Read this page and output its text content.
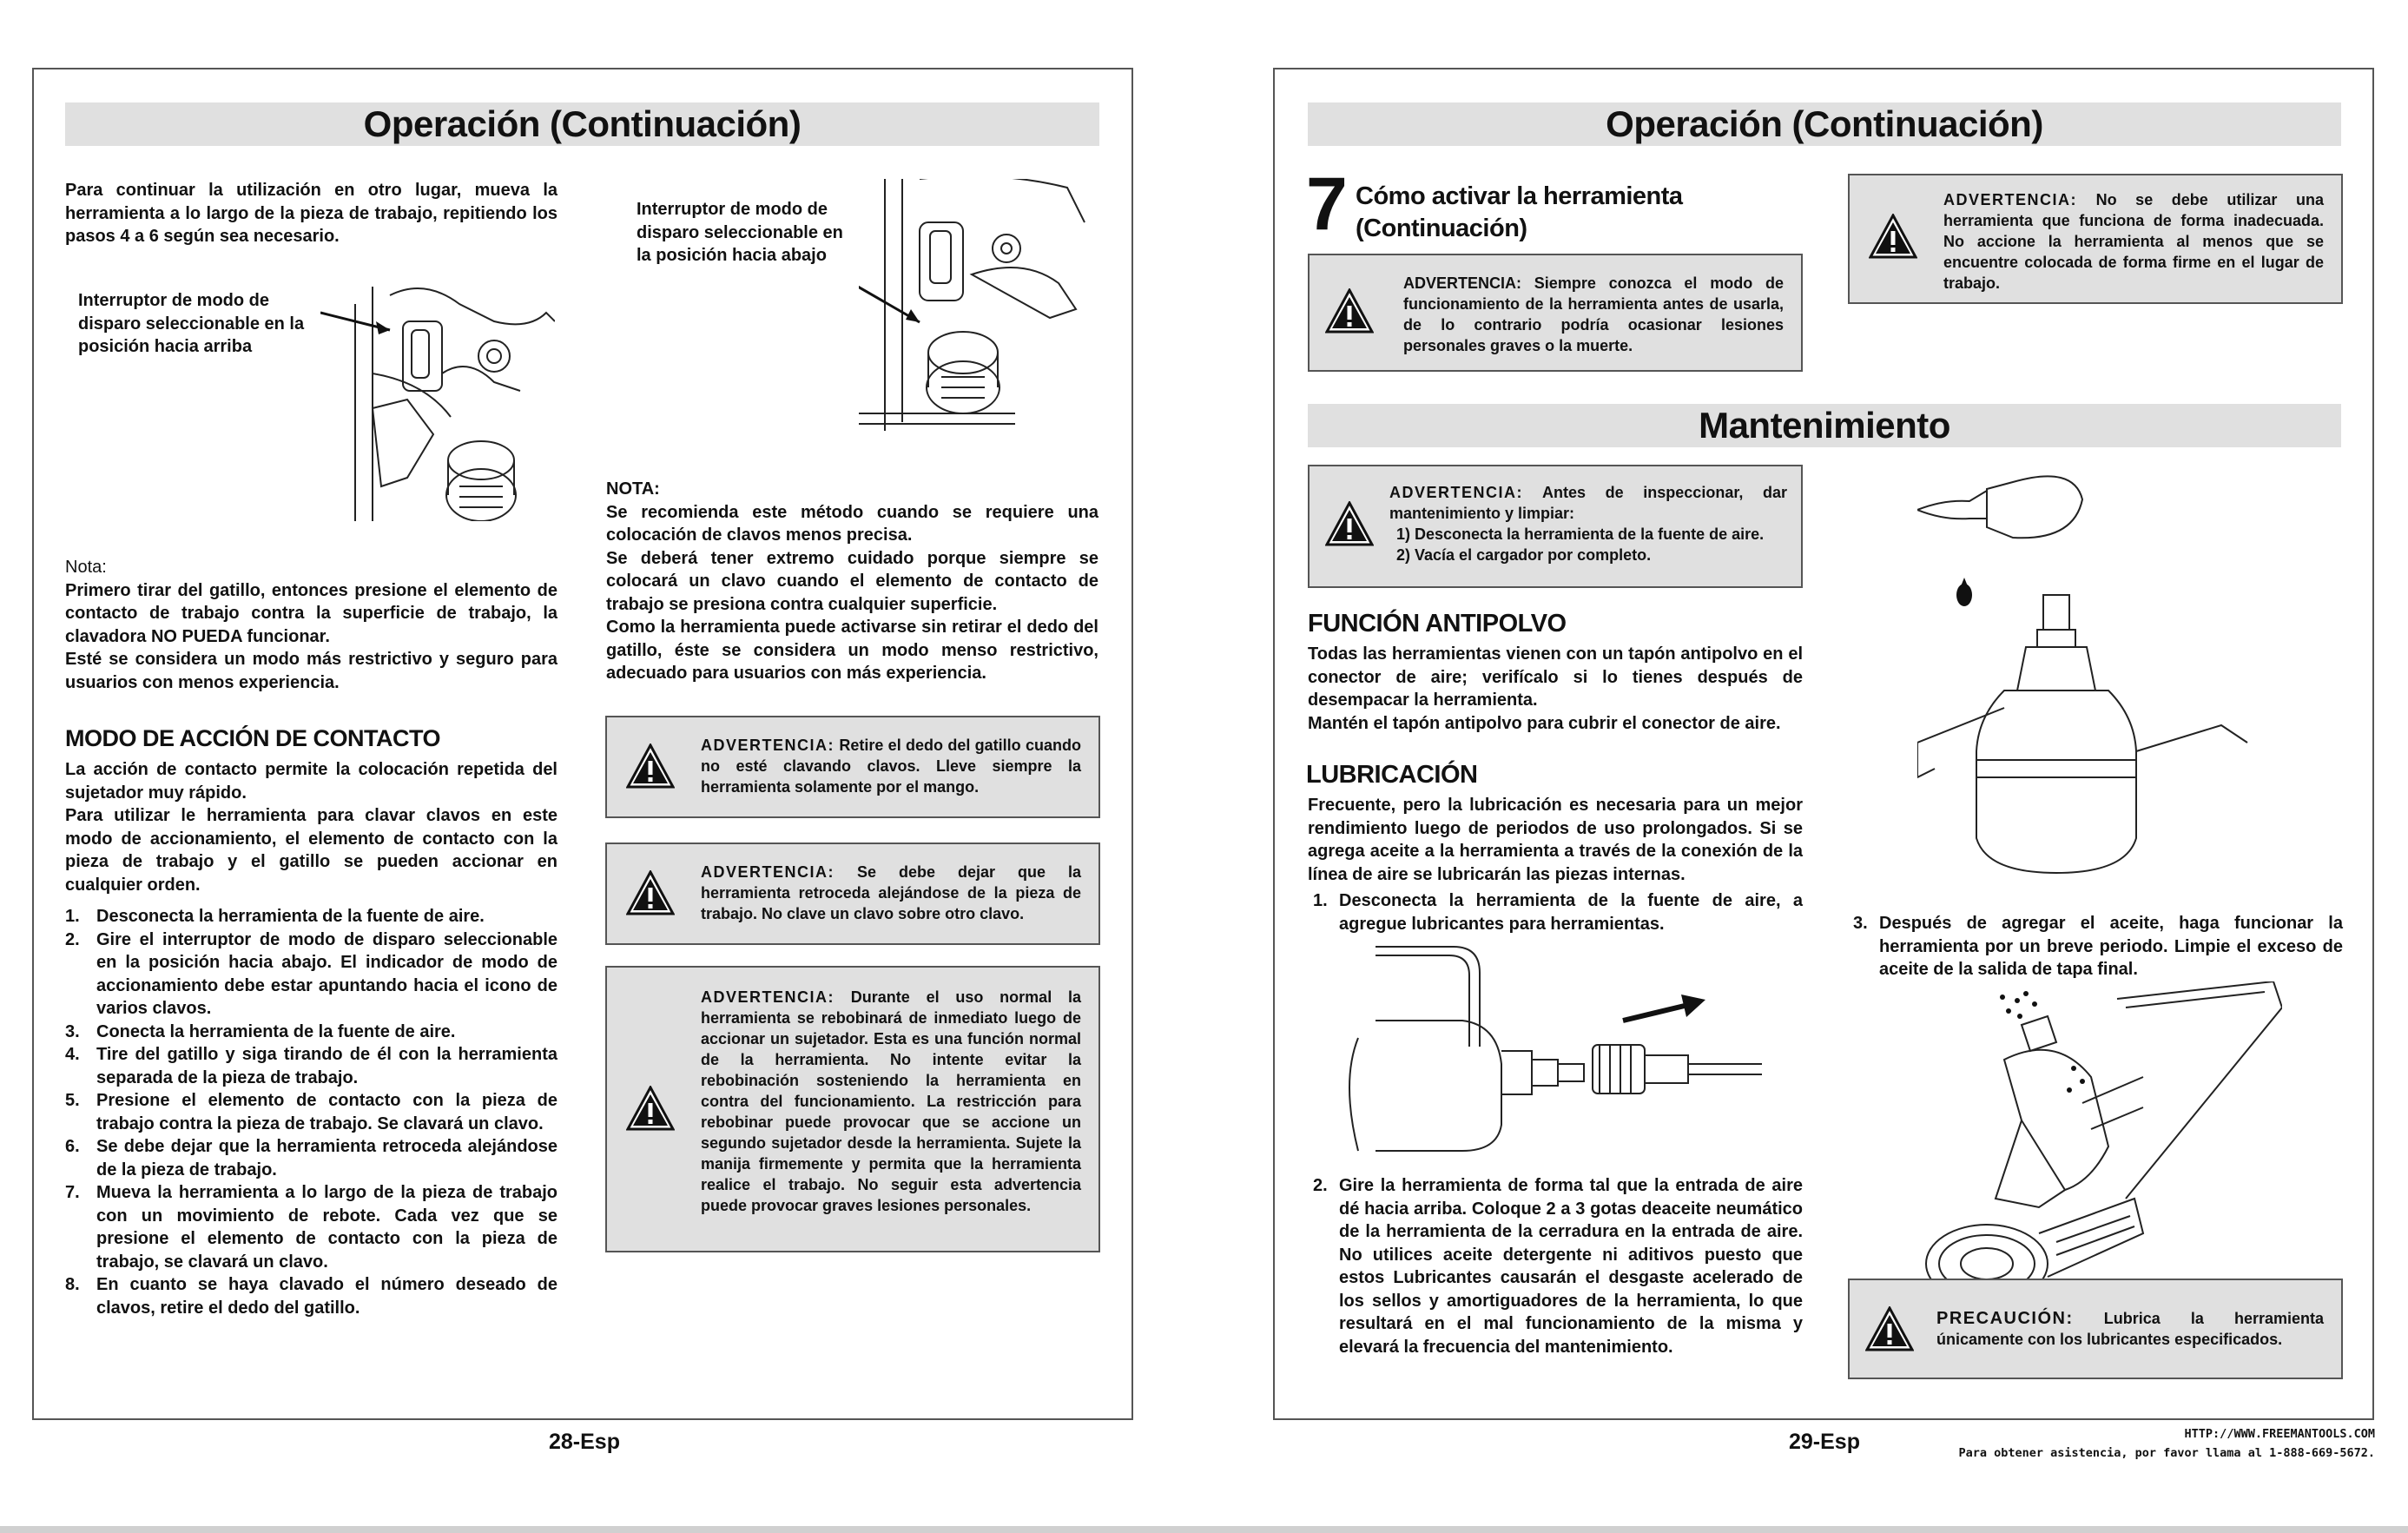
Operación (Continuación)
Para continuar la utilización en otro lugar, mueva la herramienta a lo largo de la pieza de trabajo, repitiendo los pasos 4 a 6 según sea necesario.
Interruptor de modo de disparo seleccionable en la posición hacia arriba
Interruptor de modo de disparo seleccionable en la posición hacia abajo
Nota:
Primero tirar del gatillo, entonces presione el elemento de contacto de trabajo contra la superficie de trabajo, la clavadora NO PUEDA funcionar.
Esté se considera un modo más restrictivo y seguro para usuarios con menos experiencia.
NOTA:
Se recomienda este método cuando se requiere una colocación de clavos menos precisa.
Se deberá tener extremo cuidado porque siempre se colocará un clavo cuando el elemento de contacto de trabajo se presiona contra cualquier superficie.
Como la herramienta puede activarse sin retirar el dedo del gatillo, éste se considera un modo menso restrictivo, adecuado para usuarios con más experiencia.
MODO DE ACCIÓN DE CONTACTO
La acción de contacto permite la colocación repetida del sujetador muy rápido.
Para utilizar le herramienta para clavar clavos en este modo de accionamiento, el elemento de contacto con la pieza de trabajo y el gatillo se pueden accionar en cualquier orden.
1. Desconecta la herramienta de la fuente de aire.
2. Gire el interruptor de modo de disparo seleccionable en la posición hacia abajo. El indicador de modo de accionamiento debe estar apuntando hacia el icono de varios clavos.
3. Conecta la herramienta de la fuente de aire.
4. Tire del gatillo y siga tirando de él con la herramienta separada de la pieza de trabajo.
5. Presione el elemento de contacto con la pieza de trabajo contra la pieza de trabajo. Se clavará un clavo.
6. Se debe dejar que la herramienta retroceda alejándose de la pieza de trabajo.
7. Mueva la herramienta a lo largo de la pieza de trabajo con un movimiento de rebote. Cada vez que se presione el elemento de contacto con la pieza de trabajo, se clavará un clavo.
8. En cuanto se haya clavado el número deseado de clavos, retire el dedo del gatillo.
ADVERTENCIA: Retire el dedo del gatillo cuando no esté clavando clavos. Lleve siempre la herramienta solamente por el mango.
ADVERTENCIA: Se debe dejar que la herramienta retroceda alejándose de la pieza de trabajo. No clave un clavo sobre otro clavo.
ADVERTENCIA: Durante el uso normal la herramienta se rebobinará de inmediato luego de accionar un sujetador. Esta es una función normal de la herramienta. No intente evitar la rebobinación sosteniendo la herramienta en contra del funcionamiento. La restricción para rebobinar puede provocar que se accione un segundo sujetador desde la herramienta. Sujete la manija firmemente y permita que la herramienta realice el trabajo. No seguir esta advertencia puede provocar graves lesiones personales.
28-Esp
Operación (Continuación)
7 Cómo activar la herramienta (Continuación)
ADVERTENCIA: Siempre conozca el modo de funcionamiento de la herramienta antes de usarla, de lo contrario podría ocasionar lesiones personales graves o la muerte.
ADVERTENCIA: No se debe utilizar una herramienta que funciona de forma inadecuada. No accione la herramienta al menos que se encuentre colocada de forma firme en el lugar de trabajo.
Mantenimiento
ADVERTENCIA: Antes de inspeccionar, dar mantenimiento y limpiar:
1) Desconecta la herramienta de la fuente de aire.
2) Vacía el cargador por completo.
FUNCIÓN ANTIPOLVO
Todas las herramientas vienen con un tapón antipolvo en el conector de aire; verifícalo si lo tienes después de desempacar la herramienta.
Mantén el tapón antipolvo para cubrir el conector de aire.
LUBRICACIÓN
Frecuente, pero la lubricación es necesaria para un mejor rendimiento luego de periodos de uso prolongados. Si se agrega aceite a la herramienta a través de la conexión de la línea de aire se lubricarán las piezas internas.
1. Desconecta la herramienta de la fuente de aire, a agregue lubricantes para herramientas.
2. Gire la herramienta de forma tal que la entrada de aire dé hacia arriba. Coloque 2 a 3 gotas deaceite neumático de la herramienta de la cerradura en la entrada de aire. No utilices aceite detergente ni aditivos puesto que estos Lubricantes causarán el desgaste acelerado de los sellos y amortiguadores de la herramienta, lo que resultará en el mal funcionamiento de la misma y elevará la frecuencia del mantenimiento.
3. Después de agregar el aceite, haga funcionar la herramienta por un breve periodo. Limpie el exceso de aceite de la salida de tapa final.
PRECAUCIÓN: Lubrica la herramienta únicamente con los lubricantes especificados.
29-Esp	HTTP://WWW.FREEMANTOOLS.COM
Para obtener asistencia, por favor llama al 1-888-669-5672.
